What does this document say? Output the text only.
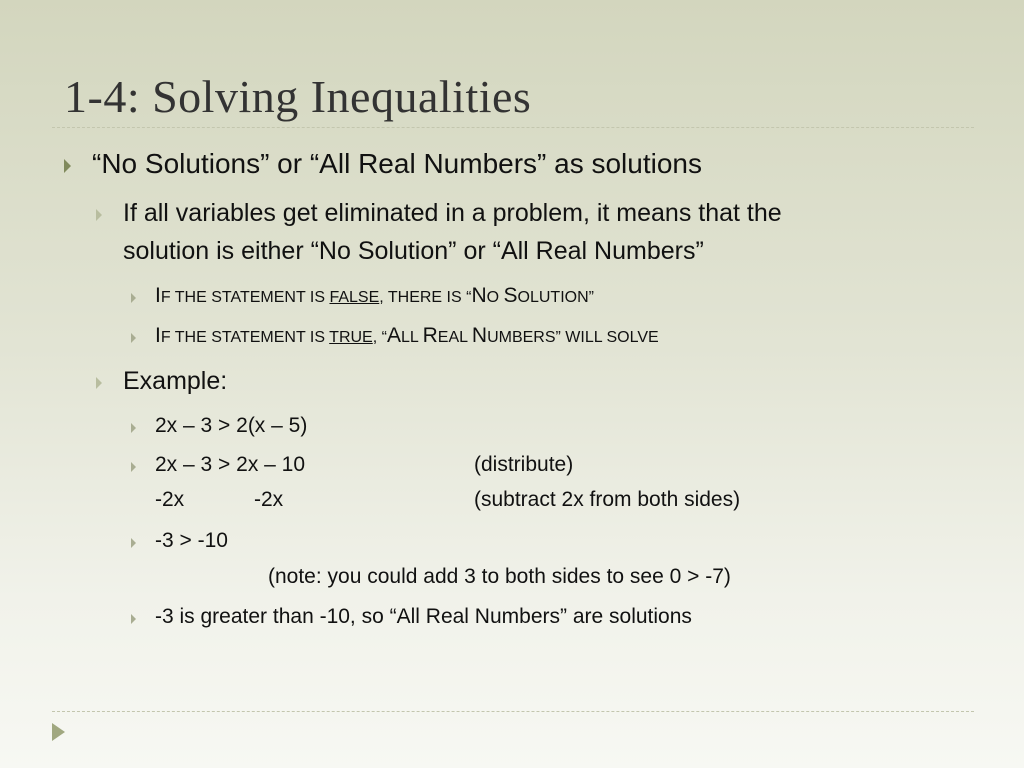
1-4: Solving Inequalities
“No Solutions” or “All Real Numbers” as solutions
If all variables get eliminated in a problem, it means that the
solution is either “No Solution” or “All Real Numbers”
IF THE STATEMENT IS FALSE, THERE IS “NO SOLUTION”
IF THE STATEMENT IS TRUE, “ALL REAL NUMBERS” WILL SOLVE
Example:
2x – 3 > 2(x – 5)
2x – 3 > 2x – 10	(distribute)
-2x	-2x	(subtract 2x from both sides)
-3 > -10
(note: you could add 3 to both sides to see 0 > -7)
-3 is greater than -10, so “All Real Numbers” are solutions
